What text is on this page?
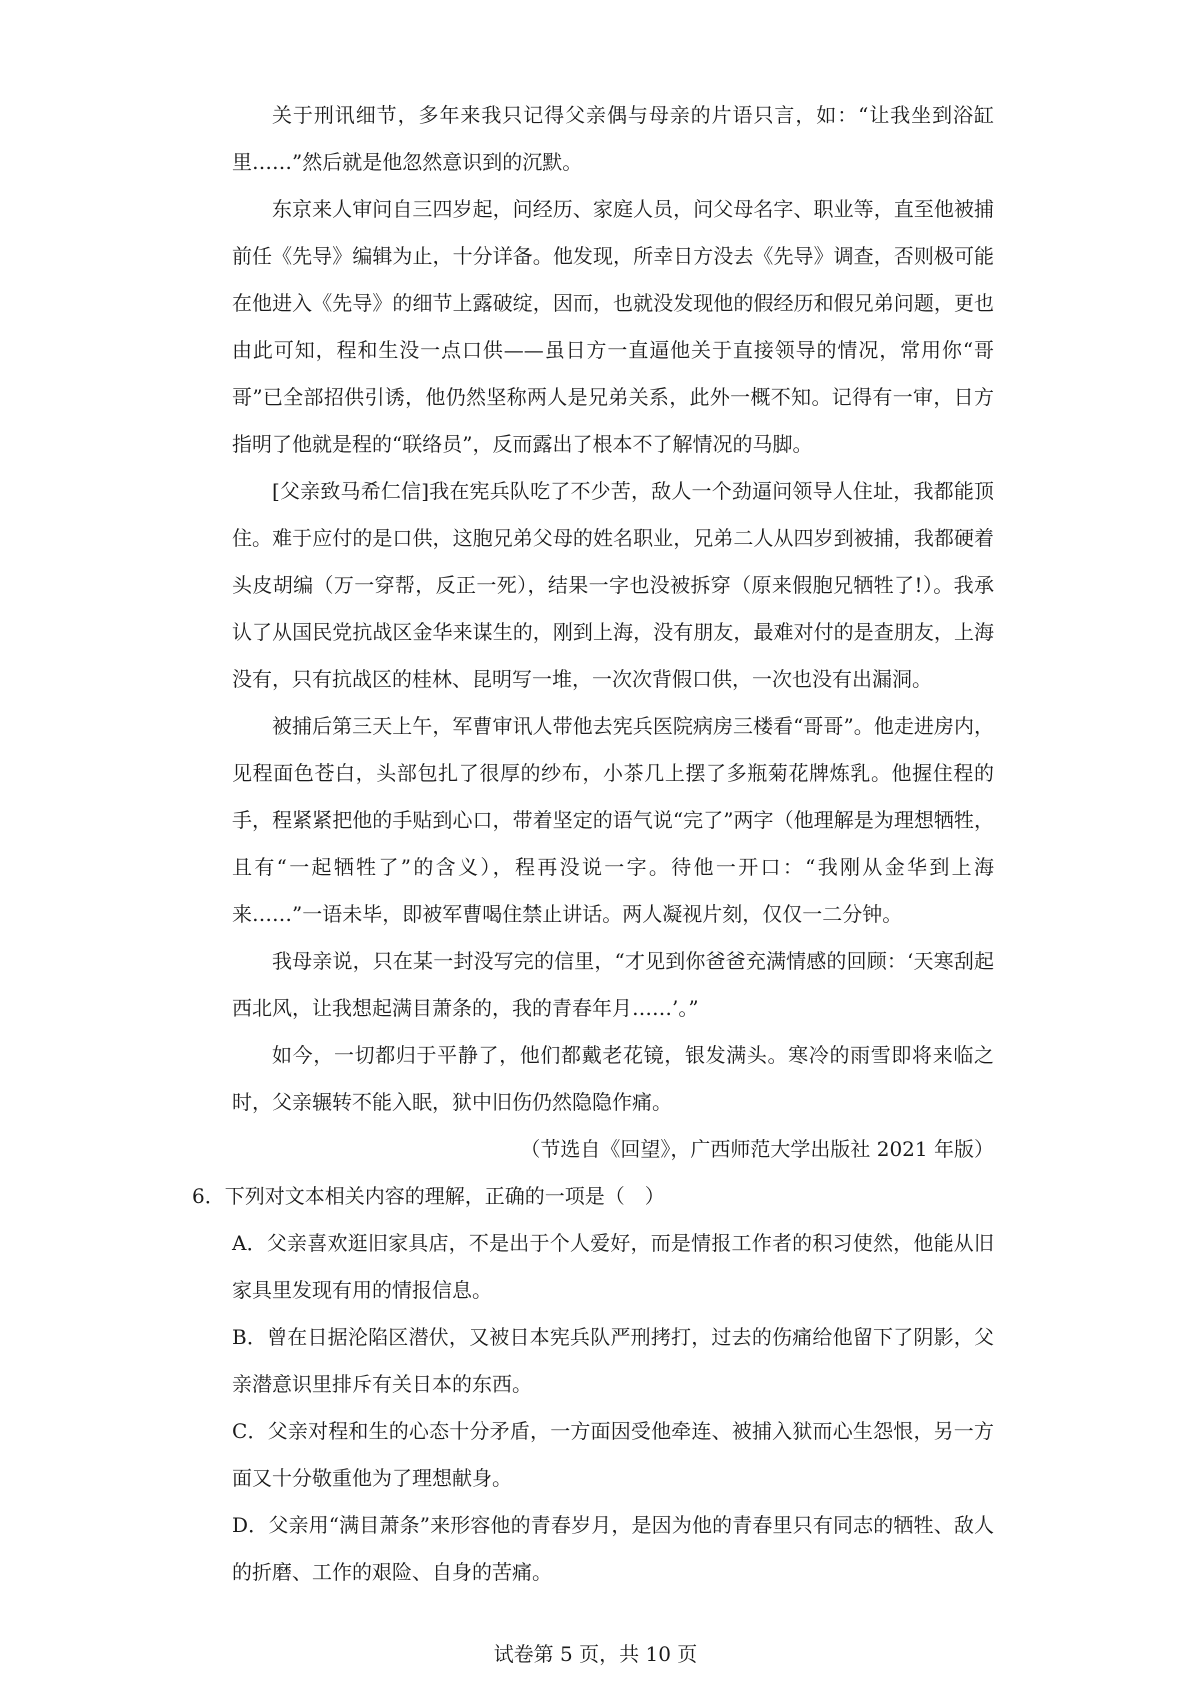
关于刑讯细节，多年来我只记得父亲偶与母亲的片语只言，如：“让我坐到浴缸里……”然后就是他忽然意识到的沉默。

东京来人审问自三四岁起，问经历、家庭人员，问父母名字、职业等，直至他被捕前任《先导》编辑为止，十分详备。他发现，所幸日方没去《先导》调查，否则极可能在他进入《先导》的细节上露破绽，因而，也就没发现他的假经历和假兄弟问题，更也由此可知，程和生没一点口供——虽日方一直逼他关于直接领导的情况，常用你“哥哥”已全部招供引诱，他仍然坚称两人是兄弟关系，此外一概不知。记得有一审，日方指明了他就是程的“联络员”，反而露出了根本不了解情况的马脚。

[父亲致马希仁信]我在宪兵队吃了不少苦，敌人一个劲逼问领导人住址，我都能顶住。难于应付的是口供，这胞兄弟父母的姓名职业，兄弟二人从四岁到被捕，我都硬着头皮胡编（万一穿帮，反正一死），结果一字也没被拆穿（原来假胞兄牺牲了!）。我承认了从国民党抗战区金华来谋生的，刚到上海，没有朋友，最难对付的是查朋友，上海没有，只有抗战区的桂林、昆明写一堆，一次次背假口供，一次也没有出漏洞。

被捕后第三天上午，军曹审讯人带他去宪兵医院病房三楼看“哥哥”。他走进房内，见程面色苍白，头部包扎了很厚的纱布，小茶几上摆了多瓶菊花牌炼乳。他握住程的手，程紧紧把他的手贴到心口，带着坚定的语气说“完了”两字（他理解是为理想牺牲，且有“一起牺牲了”的含义），程再没说一字。待他一开口：“我刚从金华到上海来……”一语未毕，即被军曹喝住禁止讲话。两人凝视片刻，仅仅一二分钟。

我母亲说，只在某一封没写完的信里，“才见到你爸爸充满情感的回顾：‘天寒刮起西北风，让我想起满目萧条的，我的青春年月……’。”

如今，一切都归于平静了，他们都戴老花镜，银发满头。寒冷的雨雪即将来临之时，父亲辗转不能入眠，狱中旧伤仍然隐隐作痛。

（节选自《回望》，广西师范大学出版社 2021 年版）

6．下列对文本相关内容的理解，正确的一项是（　）

A．父亲喜欢逛旧家具店，不是出于个人爱好，而是情报工作者的积习使然，他能从旧家具里发现有用的情报信息。

B．曾在日据沦陷区潜伏，又被日本宪兵队严刑拷打，过去的伤痛给他留下了阴影，父亲潜意识里排斥有关日本的东西。

C．父亲对程和生的心态十分矛盾，一方面因受他牵连、被捕入狱而心生怨恨，另一方面又十分敬重他为了理想献身。

D．父亲用“满目萧条”来形容他的青春岁月，是因为他的青春里只有同志的牺牲、敌人的折磨、工作的艰险、自身的苦痛。

试卷第 5 页，共 10 页
